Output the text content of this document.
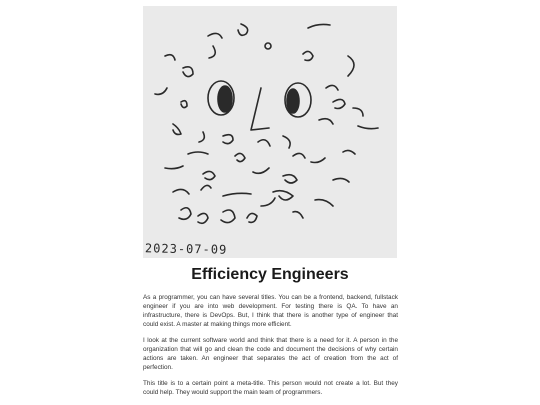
2023-07-09
Efficiency Engineers

As a programmer, you can have several titles. You can be a frontend, backend, fullstack engineer if you are into web development. For testing there is QA. To have an infrastructure, there is DevOps. But, I think that there is another type of engineer that could exist. A master at making things more efficient.

I look at the current software world and think that there is a need for it. A person in the organization that will go and clean the code and document the decisions of why certain actions are taken. An engineer that separates the act of creation from the act of perfection.

This title is to a certain point a meta-title. This person would not create a lot. But they could help. They would support the main team of programmers.
